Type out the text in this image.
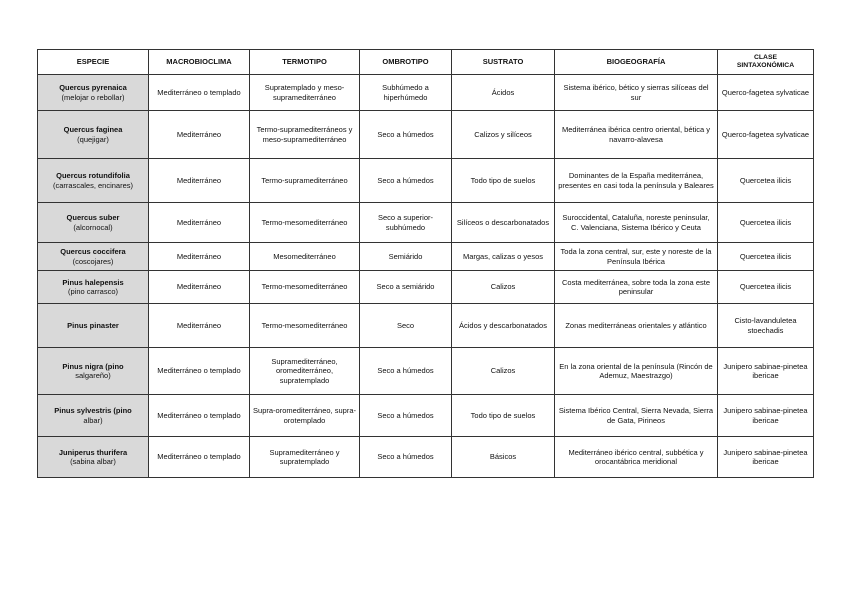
ESPECIE	MACROBIOCLIMA	TERMOTIPO	OMBROTIPO	SUSTRATO	BIOGEOGRAFÍA	CLASE
SINTAXONÓMICA
Quercus pyrenaica
(melojar o rebollar)	Mediterráneo o templado	Supratemplado y meso-supramediterráneo	Subhúmedo a hiperhúmedo	Ácidos	Sistema ibérico, bético y sierras silíceas del sur	Querco-fagetea sylvaticae
Quercus faginea
(quejigar)	Mediterráneo	Termo-supramediterráneos y meso-supramediterráneo	Seco a húmedos	Calizos y silíceos	Mediterránea ibérica centro oriental, bética y navarro-alavesa	Querco-fagetea sylvaticae
Quercus rotundifolia
(carrascales, encinares)	Mediterráneo	Termo-supramediterráneo	Seco a húmedos	Todo tipo de suelos	Dominantes de la España mediterránea, presentes en casi toda la península y Baleares	Quercetea ilicis
Quercus suber
(alcornocal)	Mediterráneo	Termo-mesomediterráneo	Seco a superior-subhúmedo	Silíceos o descarbonatados	Suroccidental, Cataluña, noreste peninsular, C. Valenciana, Sistema Ibérico y Ceuta	Quercetea ilicis
Quercus coccifera
(coscojares)	Mediterráneo	Mesomediterráneo	Semiárido	Margas, calizas o yesos	Toda la zona central, sur, este y noreste de la Península Ibérica	Quercetea ilicis
Pinus halepensis
(pino carrasco)	Mediterráneo	Termo-mesomediterráneo	Seco a semiárido	Calizos	Costa mediterránea, sobre toda la zona este peninsular	Quercetea ilicis
Pinus pinaster	Mediterráneo	Termo-mesomediterráneo	Seco	Ácidos y descarbonatados	Zonas mediterráneas orientales y atlántico	Cisto-lavanduletea stoechadis
Pinus nigra (pino
salgareño)	Mediterráneo o templado	Supramediterráneo, oromediterráneo, supratemplado	Seco a húmedos	Calizos	En la zona oriental de la península (Rincón de Ademuz, Maestrazgo)	Junipero sabinae-pinetea ibericae
Pinus sylvestris (pino
albar)	Mediterráneo o templado	Supra-oromediterráneo, supra-orotemplado	Seco a húmedos	Todo tipo de suelos	Sistema Ibérico Central, Sierra Nevada, Sierra de Gata, Pirineos	Junipero sabinae-pinetea ibericae
Juniperus thurifera
(sabina albar)	Mediterráneo o templado	Supramediterráneo y supratemplado	Seco a húmedos	Básicos	Mediterráneo ibérico central, subbética y orocantábrica meridional	Junipero sabinae-pinetea ibericae
